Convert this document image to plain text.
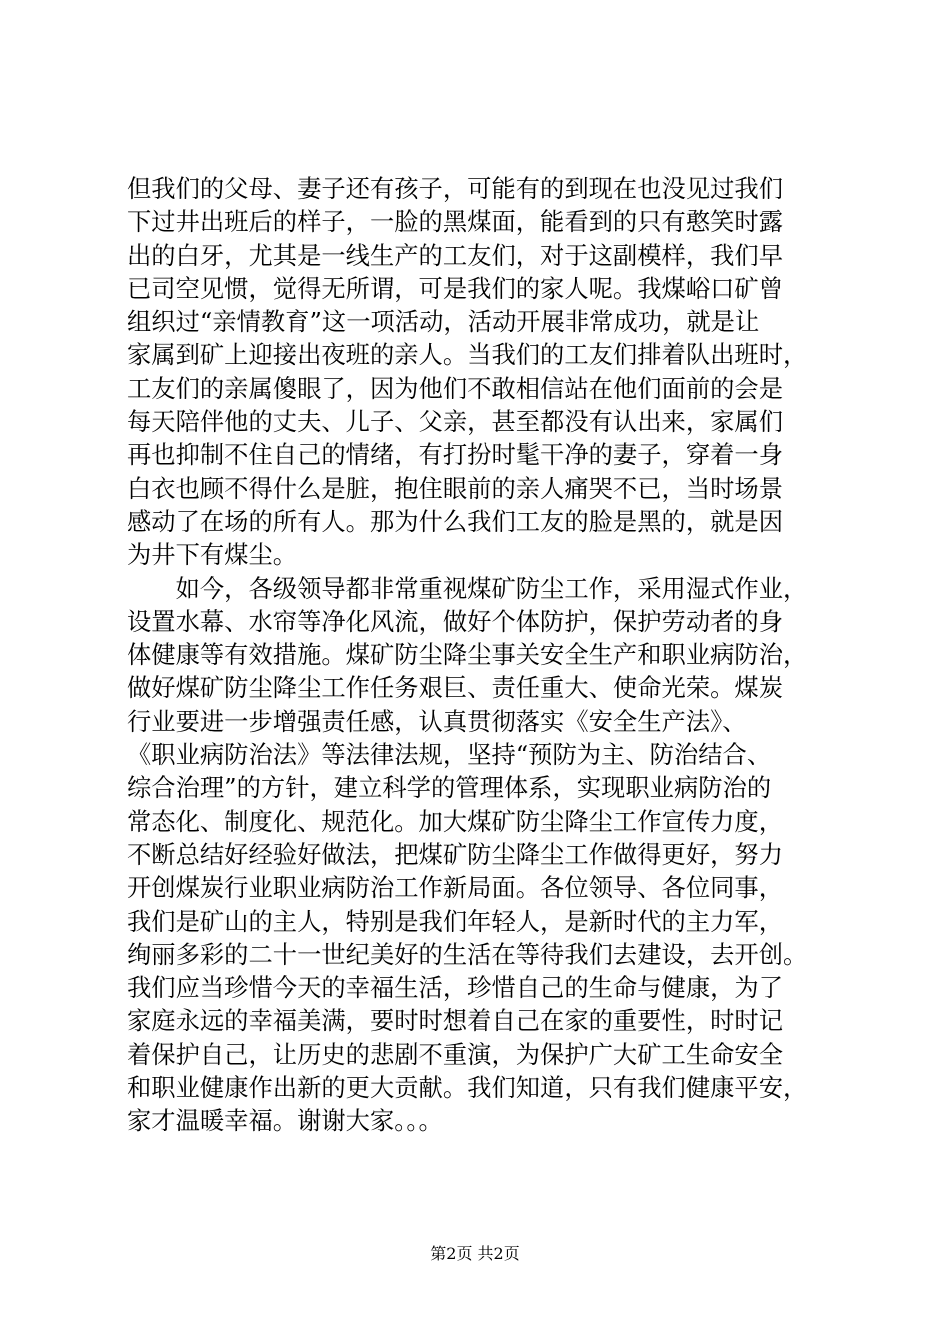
但我们的父母、妻子还有孩子，可能有的到现在也没见过我们
下过井出班后的样子，一脸的黑煤面，能看到的只有憨笑时露
出的白牙，尤其是一线生产的工友们，对于这副模样，我们早
已司空见惯，觉得无所谓，可是我们的家人呢。我煤峪口矿曾
组织过“亲情教育”这一项活动，活动开展非常成功，就是让
家属到矿上迎接出夜班的亲人。当我们的工友们排着队出班时，
工友们的亲属傻眼了，因为他们不敢相信站在他们面前的会是
每天陪伴他的丈夫、儿子、父亲，甚至都没有认出来，家属们
再也抑制不住自己的情绪，有打扮时髦干净的妻子，穿着一身
白衣也顾不得什么是脏，抱住眼前的亲人痛哭不已，当时场景
感动了在场的所有人。那为什么我们工友的脸是黑的，就是因
为井下有煤尘。
　　如今，各级领导都非常重视煤矿防尘工作，采用湿式作业，
设置水幕、水帘等净化风流，做好个体防护，保护劳动者的身
体健康等有效措施。煤矿防尘降尘事关安全生产和职业病防治，
做好煤矿防尘降尘工作任务艰巨、责任重大、使命光荣。煤炭
行业要进一步增强责任感，认真贯彻落实《安全生产法》、
《职业病防治法》等法律法规，坚持“预防为主、防治结合、
综合治理”的方针，建立科学的管理体系，实现职业病防治的
常态化、制度化、规范化。加大煤矿防尘降尘工作宣传力度，
不断总结好经验好做法，把煤矿防尘降尘工作做得更好，努力
开创煤炭行业职业病防治工作新局面。各位领导、各位同事，
我们是矿山的主人，特别是我们年轻人，是新时代的主力军，
绚丽多彩的二十一世纪美好的生活在等待我们去建设，去开创。
我们应当珍惜今天的幸福生活，珍惜自己的生命与健康，为了
家庭永远的幸福美满，要时时想着自己在家的重要性，时时记
着保护自己，让历史的悲剧不重演，为保护广大矿工生命安全
和职业健康作出新的更大贡献。我们知道，只有我们健康平安，
家才温暖幸福。谢谢大家。。。
第2页 共2页
